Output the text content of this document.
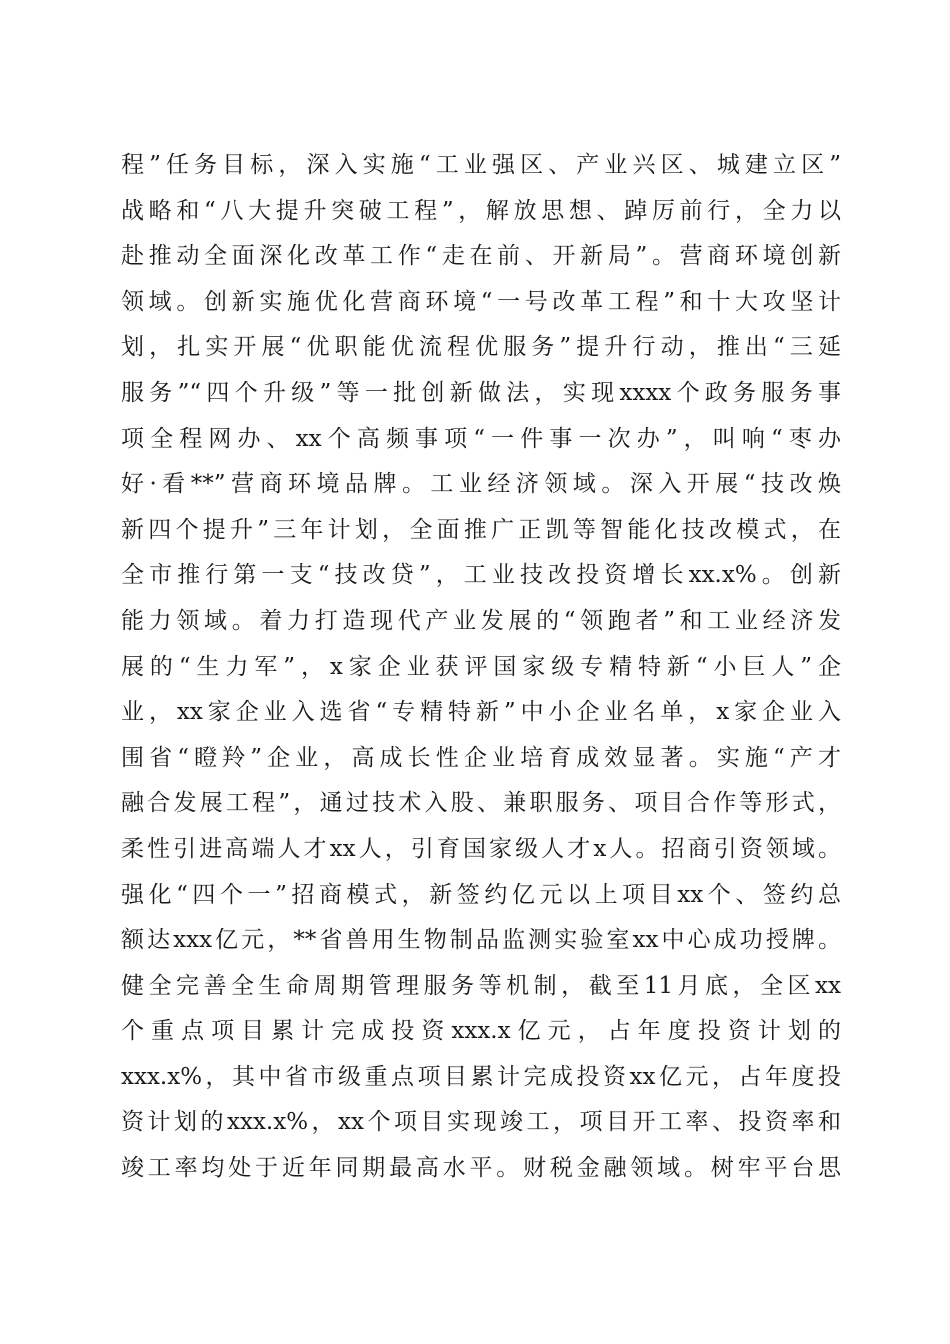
程”任务目标，深入实施“工业强区、产业兴区、城建立区”
战略和“八大提升突破工程”，解放思想、踔厉前行，全力以
赴推动全面深化改革工作“走在前、开新局”。营商环境创新
领域。创新实施优化营商环境“一号改革工程”和十大攻坚计
划，扎实开展“优职能优流程优服务”提升行动，推出“三延
服务”“四个升级”等一批创新做法，实现xxxx个政务服务事
项全程网办、xx个高频事项“一件事一次办”，叫响“枣办
好·看**”营商环境品牌。工业经济领域。深入开展“技改焕
新四个提升”三年计划，全面推广正凯等智能化技改模式，在
全市推行第一支“技改贷”，工业技改投资增长xx.x%。创新
能力领域。着力打造现代产业发展的“领跑者”和工业经济发
展的“生力军”，x家企业获评国家级专精特新“小巨人”企
业，xx家企业入选省“专精特新”中小企业名单，x家企业入
围省“瞪羚”企业，高成长性企业培育成效显著。实施“产才
融合发展工程”，通过技术入股、兼职服务、项目合作等形式，
柔性引进高端人才xx人，引育国家级人才x人。招商引资领域。
强化“四个一”招商模式，新签约亿元以上项目xx个、签约总
额达xxx亿元，**省兽用生物制品监测实验室xx中心成功授牌。
健全完善全生命周期管理服务等机制，截至11月底，全区xx
个重点项目累计完成投资xxx.x亿元，占年度投资计划的
xxx.x%，其中省市级重点项目累计完成投资xx亿元，占年度投
资计划的xxx.x%，xx个项目实现竣工，项目开工率、投资率和
竣工率均处于近年同期最高水平。财税金融领域。树牢平台思
